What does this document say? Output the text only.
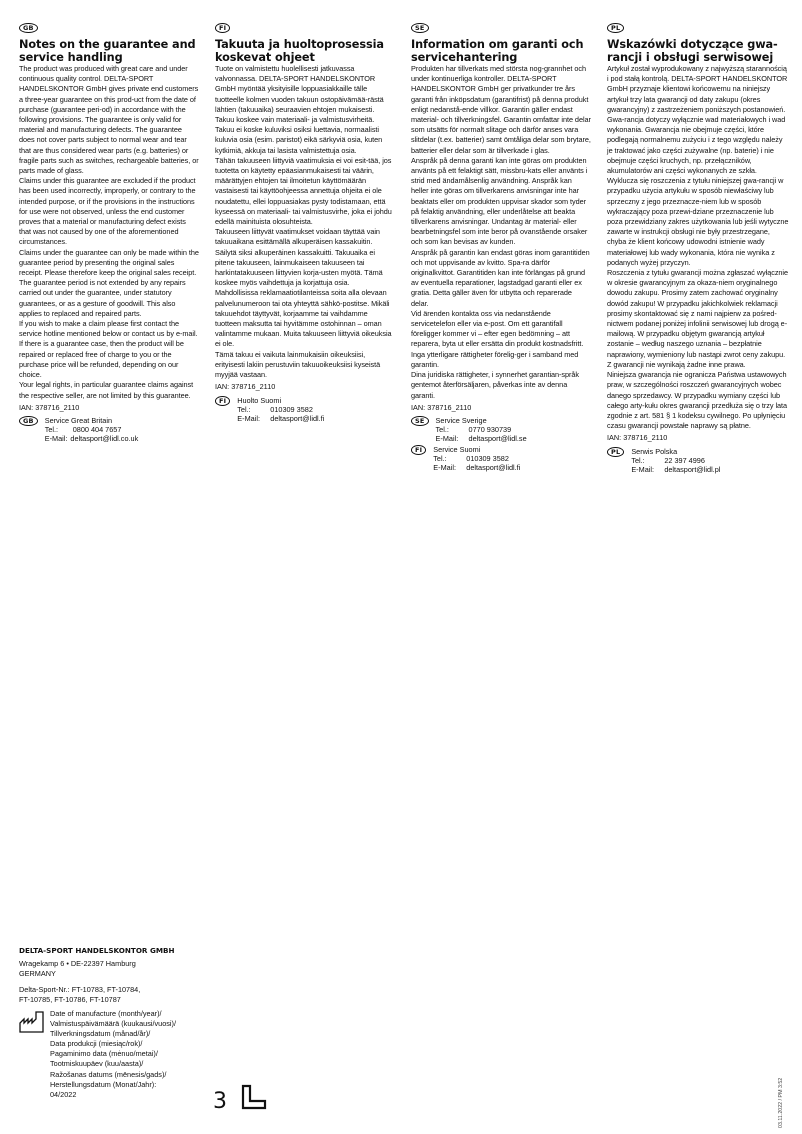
GB
Notes on the guarantee and service handling

The product was produced with great care and under continuous quality control. DELTA-SPORT HANDELSKONTOR GmbH gives private end customers a three-year guarantee on this prod-uct from the date of purchase (guarantee peri-od) in accordance with the following provisions. The guarantee is only valid for material and manufacturing defects. The guarantee does not cover parts subject to normal wear and tear that are thus considered wear parts (e.g. batteries) or fragile parts such as switches, rechargeable batteries, or parts made of glass.

Claims under this guarantee are excluded if the product has been used incorrectly, improperly, or contrary to the intended purpose, or if the provisions in the instructions for use were not observed, unless the end customer proves that a material or manufacturing defect exists that was not caused by one of the aforementioned circumstances.

Claims under the guarantee can only be made within the guarantee period by presenting the original sales receipt. Please therefore keep the original sales receipt. The guarantee period is not extended by any repairs carried out under the guarantee, under statutory guarantees, or as a gesture of goodwill. This also applies to replaced and repaired parts.

If you wish to make a claim please first contact the service hotline mentioned below or contact us by e-mail. If there is a guarantee case, then the product will be repaired or replaced free of charge to you or the purchase price will be refunded, depending on our choice.

Your legal rights, in particular guarantee claims against the respective seller, are not limited by this guarantee.

IAN: 378716_2110
GB	Service Great Britain
Tel.:	0800 404 7657
E-Mail: deltasport@lidl.co.uk
FI
Takuuta ja huoltoprosessia koskevat ohjeet

Tuote on valmistettu huolellisesti jatkuvassa valvonnassa. DELTA-SPORT HANDELSKONTOR GmbH myöntää yksityisille loppuasiakkaille tälle tuotteelle kolmen vuoden takuun ostopäivämää-rästä lähtien (takuuaika) seuraavien ehtojen mukaisesti. Takuu koskee vain materiaali- ja valmistusvirheitä. Takuu ei koske kuluviksi osiksi luettavia, normaalisti kuluvia osia (esim. paristot) eikä särkyviä osia, kuten kytkimiä, akkuja tai lasista valmistettuja osia.

Tähän takuuseen liittyviä vaatimuksia ei voi esit-tää, jos tuotetta on käytetty epäasianmukaisesti tai väärin, määrättyjen ehtojen tai ilmoitetun käyttömäärän vastaisesti tai käyttöohjeessa annettuja ohjeita ei ole noudatettu, ellei loppuasiakas pysty todistamaan, että kyseessä on materiaali- tai valmistusvirhe, joka ei johdu edellä mainituista olosuhteista.

Takuuseen liittyvät vaatimukset voidaan täyttää vain takuuaikana esittämällä alkuperäisen kassakuitin. Säilytä siksi alkuperäinen kassakuitti. Takuuaika ei pitene takuuseen, lainmukaiseen takuuseen tai harkintatakuuseen liittyvien korja-usten myötä. Tämä koskee myös vaihdettuja ja korjattuja osia.

Mahdollisissa reklamaatiotilanteissa soita alla olevaan palvelunumeroon tai ota yhteyttä sähkö-postitse. Mikäli takuuehdot täyttyvät, korjaamme tai vaihdamme tuotteen maksutta tai hyvitämme ostohinnan – oman valintamme mukaan. Muita takuuseen liittyviä oikeuksia ei ole.

Tämä takuu ei vaikuta lainmukaisiin oikeuksiisi, erityisesti lakiin perustuviin takuuoikeuksiisi kyseistä myyjää vastaan.

IAN: 378716_2110
FI	Huolto Suomi
Tel.:	010309 3582
E-Mail:	deltasport@lidl.fi
SE
Information om garanti och servicehantering

Produkten har tillverkats med största nog-grannhet och under kontinuerliga kontroller. DELTA-SPORT HANDELSKONTOR GmbH ger privatkunder tre års garanti från inköpsdatum (garantifrist) på denna produkt enligt nedanstå-ende villkor. Garantin gäller endast material- och tillverkningsfel. Garantin omfattar inte delar som utsätts för normalt slitage och därför anses vara slitdelar (t.ex. batterier) samt ömtåliga delar som brytare, batterier eller delar som är tillverkade i glas.

Anspråk på denna garanti kan inte göras om produkten använts på ett felaktigt sätt, missbru-kats eller använts i strid med ändamålsenlig användning. Anspråk kan heller inte göras om tillverkarens anvisningar inte har beaktats eller om produkten uppvisar skador som tyder på felaktig användning, eller underlåtelse att beakta tillverkarens anvisningar. Undantag är material- eller bearbetningsfel som inte beror på ovanstående orsaker och som kan bevisas av kunden.

Anspråk på garantin kan endast göras inom garantitiden och mot uppvisande av kvitto. Spa-ra därför originalkvittot. Garantitiden kan inte förlängas på grund av eventuella reparationer, lagstadgad garanti eller ex gratia. Detta gäller även för utbytta och reparerade delar.

Vid ärenden kontakta oss via nedanstående servicetelefon eller via e-post. Om ett garantifall föreligger kommer vi – efter egen bedömning – att reparera, byta ut eller ersätta din produkt kostnadsfritt. Inga ytterligare rättigheter förelig-ger i samband med garantin.

Dina juridiska rättigheter, i synnerhet garantian-språk gentemot återförsäljaren, påverkas inte av denna garanti.

IAN: 378716_2110
SE	Service Sverige
Tel.:	0770 930739
E-Mail:	deltasport@lidl.se
FI	Service Suomi
Tel.:	010309 3582
E-Mail:	deltasport@lidl.fi
PL
Wskazówki dotyczące gwa-rancji i obsługi serwisowej

Artykuł został wyprodukowany z najwyższą starannością i pod stałą kontrolą. DELTA-SPORT HANDELSKONTOR GmbH przyznaje klientowi końcowemu na niniejszy artykuł trzy lata gwarancji od daty zakupu (okres gwarancyjny) z zastrzeżeniem poniższych postanowień. Gwa-rancja dotyczy wyłącznie wad materiałowych i wad wykonania. Gwarancja nie obejmuje części, które podlegają normalnemu zużyciu i z tego względu należy je traktować jako części zużywalne (np. baterie) i nie obejmuje części kruchych, np. przełączników, akumulatorów ani części wykonanych ze szkła.

Wyklucza się roszczenia z tytułu niniejszej gwa-rancji w przypadku użycia artykułu w sposób niewłaściwy lub sprzeczny z jego przeznacze-niem lub w sposób wykraczający poza przewi-dziane przeznaczenie lub poza przewidziany zakres użytkowania lub jeśli wytyczne zawarte w instrukcji obsługi nie były przestrzegane, chyba że klient końcowy udowodni istnienie wady materiałowej lub wady wykonania, która nie wynika z podanych wyżej przyczyn.

Roszczenia z tytułu gwarancji można zgłaszać wyłącznie w okresie gwarancyjnym za okaza-niem oryginalnego dowodu zakupu. Prosimy zatem zachować oryginalny dowód zakupu! W przypadku jakichkolwiek reklamacji prosimy skontaktować się z nami najpierw za pośred-nictwem podanej poniżej infolinii serwisowej lub drogą e-mailową. W przypadku objętym gwarancją artykuł zostanie – według naszego uznania – bezpłatnie naprawiony, wymieniony lub nastąpi zwrot ceny zakupu. Z gwarancji nie wynikają żadne inne prawa.

Niniejsza gwarancja nie ogranicza Państwa ustawowych praw, w szczególności roszczeń gwarancyjnych wobec danego sprzedawcy. W przypadku wymiany części lub całego arty-kułu okres gwarancji przedłuża się o trzy lata zgodnie z art. 581 § 1 kodeksu cywilnego. Po upłynięciu czasu gwarancji powstałe naprawy są płatne.

IAN: 378716_2110
PL	Serwis Polska
Tel.:	22 397 4996
E-Mail:	deltasport@lidl.pl
DELTA-SPORT HANDELSKONTOR GMBH
Wragekamp 6 • DE-22397 Hamburg
GERMANY
Delta-Sport-Nr.: FT-10783, FT-10784,
FT-10785, FT-10786, FT-10787

Date of manufacture (month/year)/

Valmistuspäivämäärä (kuukausi/vuosi)/

Tillverkningsdatum (månad/år)/

Data produkcji (miesiąc/rok)/

Pagaminimo data (mėnuo/metai)/

Tootmiskuupäev (kuu/aasta)/

Ražošanas datums (mēnesis/gads)/

Herstellungsdatum (Monat/Jahr):

04/2022	3	03.11.2022 / PM 3:52
